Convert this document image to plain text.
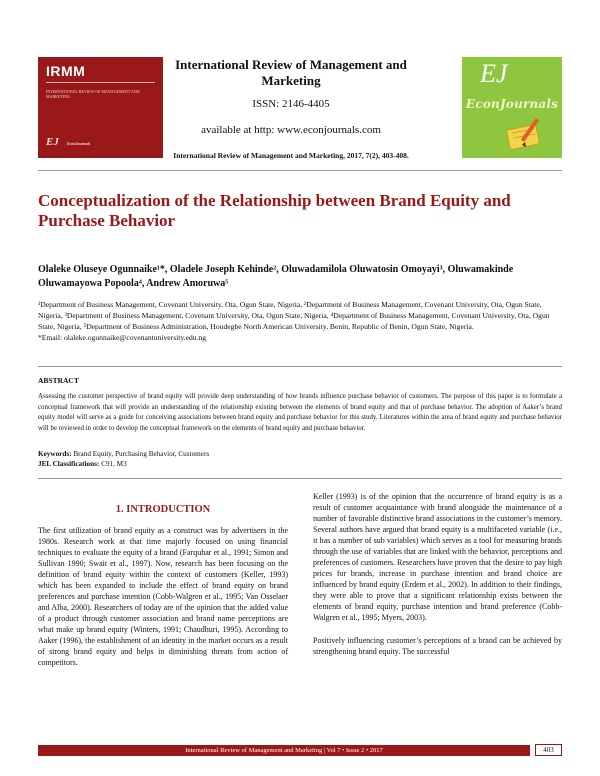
IRMM
INTERNATIONAL REVIEW OF MANAGEMENT AND MARKETING
EJ EconJournals
International Review of Management and Marketing
ISSN: 2146-4405
available at http: www.econjournals.com
International Review of Management and Marketing, 2017, 7(2), 403-408.
EJ
EconJournals
Conceptualization of the Relationship between Brand Equity and Purchase Behavior
Olaleke Oluseye Ogunnaike¹*, Oladele Joseph Kehinde², Oluwadamilola Oluwatosin Omoyayi³, Oluwamakinde Oluwamayowa Popoola⁴, Andrew Amoruwa⁵
¹Department of Business Management, Covenant University, Ota, Ogun State, Nigeria, ²Department of Business Management, Covenant University, Ota, Ogun State, Nigeria, ³Department of Business Management, Covenant University, Ota, Ogun State, Nigeria, ⁴Department of Business Management, Covenant University, Ota, Ogun State, Nigeria, ⁵Department of Business Administration, Houdegbe North American University, Benin, Republic of Benin, Ogun State, Nigeria.
*Email: olaleke.ogunnaike@covenantuniversity.edu.ng
ABSTRACT
Assessing the customer perspective of brand equity will provide deep understanding of how brands influence purchase behavior of customers. The purpose of this paper is to formulate a conceptual framework that will provide an understanding of the relationship existing between the elements of brand equity and that of purchase behavior. The adoption of Aaker’s brand equity model will serve as a guide for conceiving associations between brand equity and purchase behavior for this study. Literatures within the area of brand equity and purchase behavior will be reviewed in order to develop the conceptual framework on the elements of brand equity and purchase behavior.
Keywords: Brand Equity, Purchasing Behavior, Customers
JEL Classifications: C91, M3
1. INTRODUCTION

The first utilization of brand equity as a construct was by advertisers in the 1980s. Research work at that time majorly focused on using financial techniques to evaluate the equity of a brand (Farquhar et al., 1991; Simon and Sullivan 1990; Swait et al., 1997). Now, research has been focusing on the definition of brand equity within the context of customers (Keller, 1993) which has been expanded to include the effect of brand equity on brand preferences and purchase intention (Cobb-Walgren et al., 1995; Van Osselaer and Alba, 2000). Researchers of today are of the opinion that the added value of a product through customer association and brand name perceptions are what make up brand equity (Winters, 1991; Chaudhuri, 1995). According to Aaker (1996), the establishment of an identity in the market occurs as a result of strong brand equity and helps in diminishing threats from action of competitors.

Keller (1993) is of the opinion that the occurrence of brand equity is as a result of customer acquaintance with brand alongside the maintenance of a number of favorable distinctive brand associations in the customer’s memory. Several authors have argued that brand equity is a multifaceted variable (i.e., it has a number of sub variables) which serves as a tool for measuring brands through the use of variables that are linked with the behavior, perceptions and preferences of customers. Researchers have proven that the desire to pay high prices for brands, increase in purchase intention and brand choice are influenced by brand equity (Erdem et al., 2002). In addition to their findings, they were able to prove that a significant relationship exists between the elements of brand equity, purchase intention and brand preference (Cobb-Walgren et al., 1995; Myers, 2003).

Positively influencing customer’s perceptions of a brand can be achieved by strengthening brand equity. The successful

International Review of Management and Marketing | Vol 7 • Issue 2 • 2017	403
